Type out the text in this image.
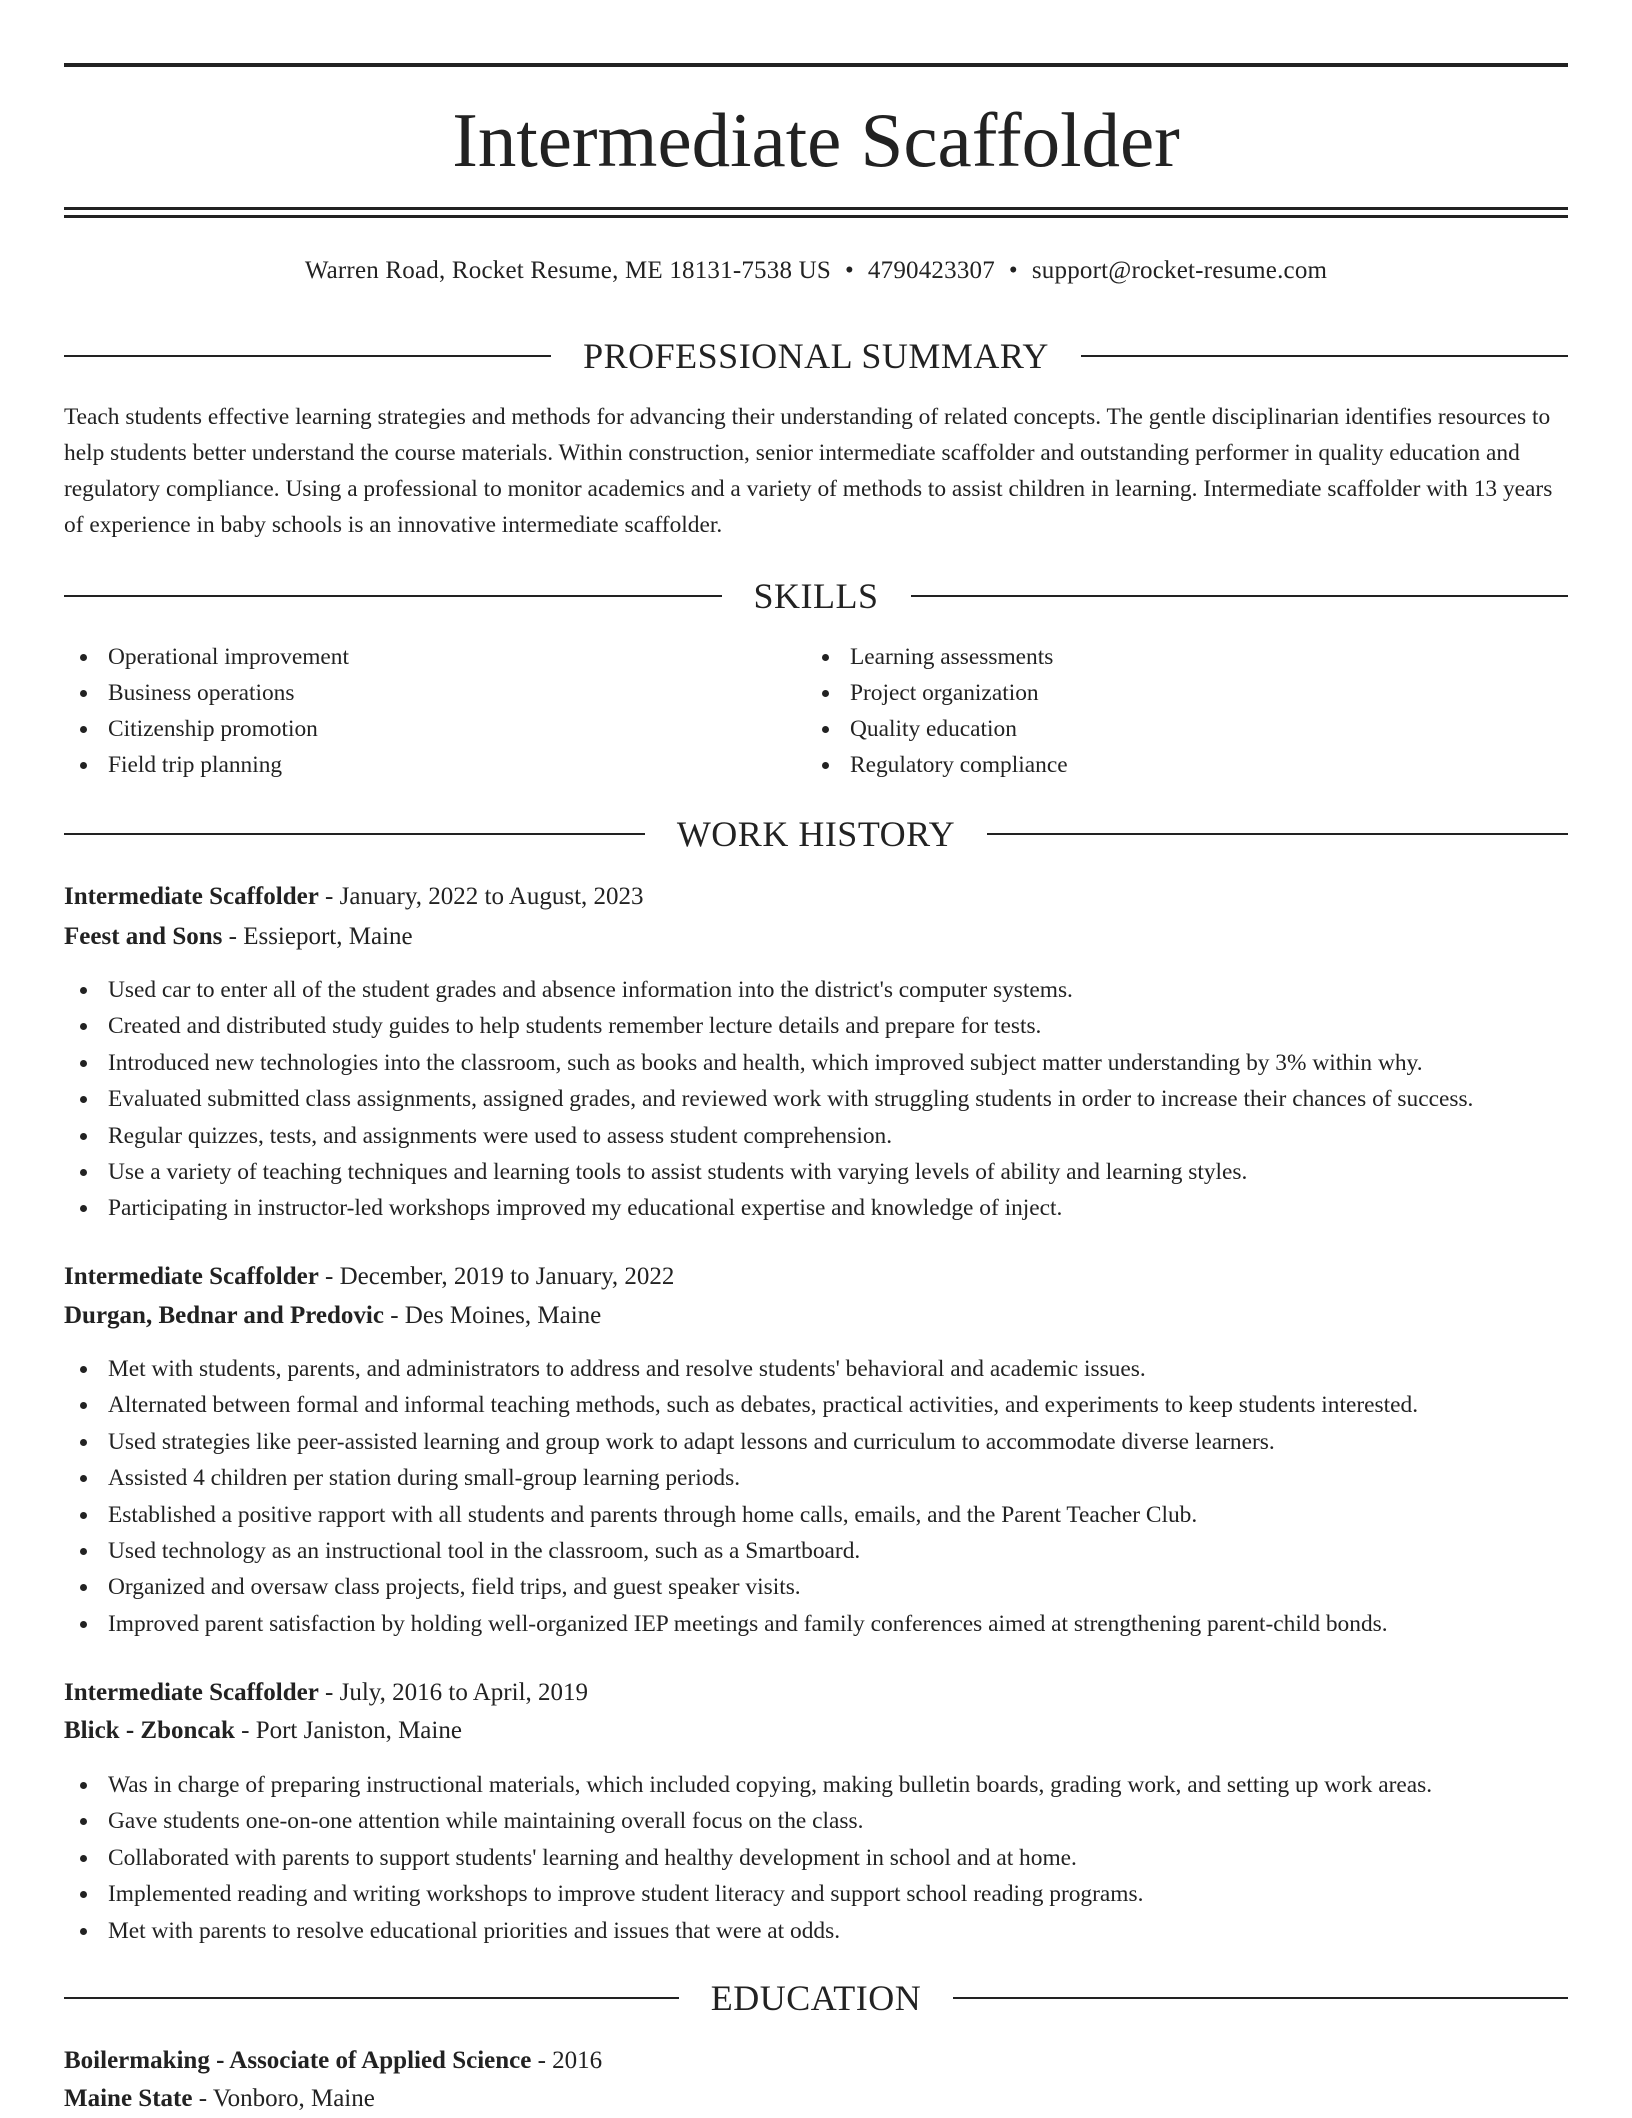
Intermediate Scaffolder
Warren Road, Rocket Resume, ME 18131-7538 US • 4790423307 • support@rocket-resume.com
PROFESSIONAL SUMMARY
Teach students effective learning strategies and methods for advancing their understanding of related concepts. The gentle disciplinarian identifies resources to help students better understand the course materials. Within construction, senior intermediate scaffolder and outstanding performer in quality education and regulatory compliance. Using a professional to monitor academics and a variety of methods to assist children in learning. Intermediate scaffolder with 13 years of experience in baby schools is an innovative intermediate scaffolder.
SKILLS
Operational improvement
Business operations
Citizenship promotion
Field trip planning
Learning assessments
Project organization
Quality education
Regulatory compliance
WORK HISTORY
Intermediate Scaffolder - January, 2022 to August, 2023
Feest and Sons - Essieport, Maine
Used car to enter all of the student grades and absence information into the district's computer systems.
Created and distributed study guides to help students remember lecture details and prepare for tests.
Introduced new technologies into the classroom, such as books and health, which improved subject matter understanding by 3% within why.
Evaluated submitted class assignments, assigned grades, and reviewed work with struggling students in order to increase their chances of success.
Regular quizzes, tests, and assignments were used to assess student comprehension.
Use a variety of teaching techniques and learning tools to assist students with varying levels of ability and learning styles.
Participating in instructor-led workshops improved my educational expertise and knowledge of inject.
Intermediate Scaffolder - December, 2019 to January, 2022
Durgan, Bednar and Predovic - Des Moines, Maine
Met with students, parents, and administrators to address and resolve students' behavioral and academic issues.
Alternated between formal and informal teaching methods, such as debates, practical activities, and experiments to keep students interested.
Used strategies like peer-assisted learning and group work to adapt lessons and curriculum to accommodate diverse learners.
Assisted 4 children per station during small-group learning periods.
Established a positive rapport with all students and parents through home calls, emails, and the Parent Teacher Club.
Used technology as an instructional tool in the classroom, such as a Smartboard.
Organized and oversaw class projects, field trips, and guest speaker visits.
Improved parent satisfaction by holding well-organized IEP meetings and family conferences aimed at strengthening parent-child bonds.
Intermediate Scaffolder - July, 2016 to April, 2019
Blick - Zboncak - Port Janiston, Maine
Was in charge of preparing instructional materials, which included copying, making bulletin boards, grading work, and setting up work areas.
Gave students one-on-one attention while maintaining overall focus on the class.
Collaborated with parents to support students' learning and healthy development in school and at home.
Implemented reading and writing workshops to improve student literacy and support school reading programs.
Met with parents to resolve educational priorities and issues that were at odds.
EDUCATION
Boilermaking - Associate of Applied Science - 2016
Maine State - Vonboro, Maine
